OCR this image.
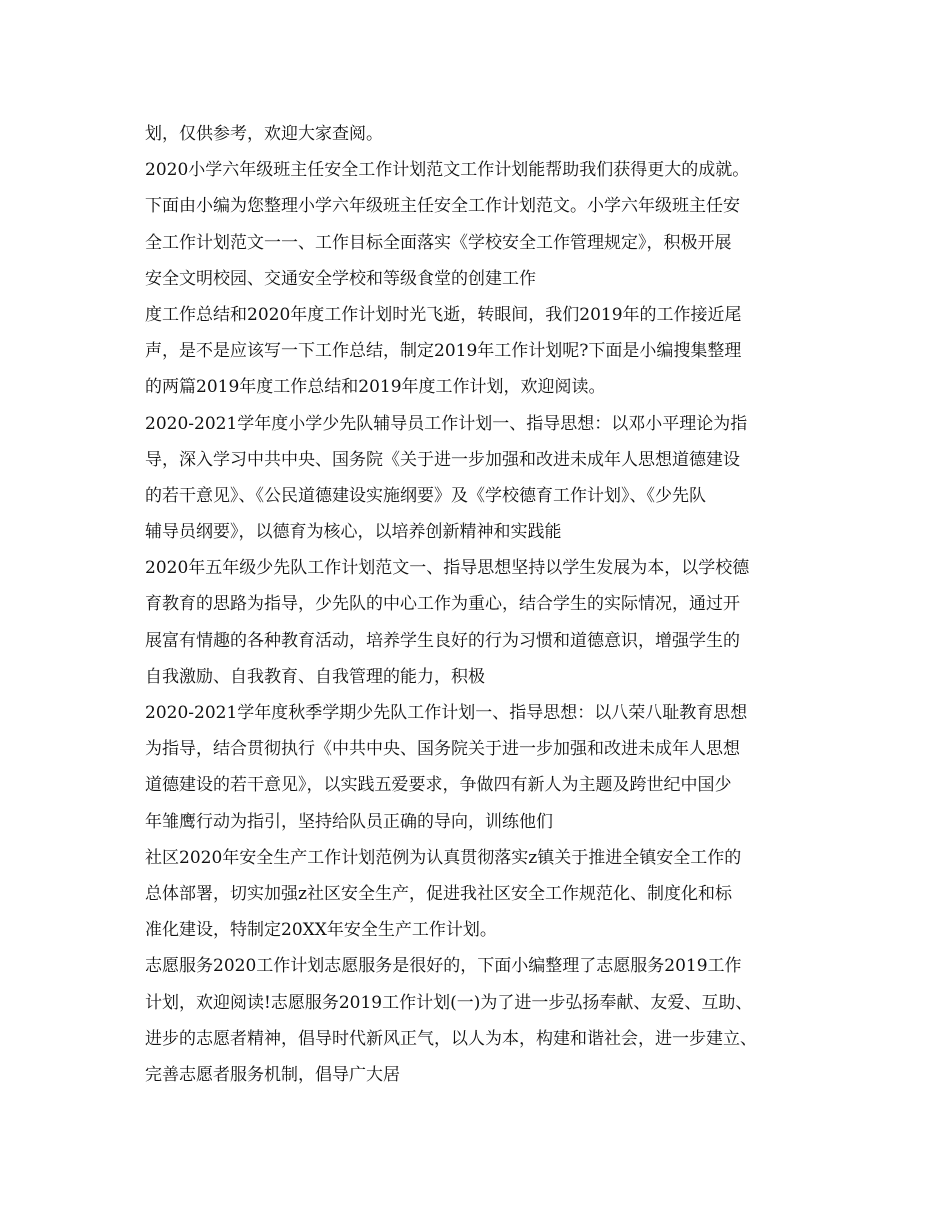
划，仅供参考，欢迎大家查阅。
2020小学六年级班主任安全工作计划范文工作计划能帮助我们获得更大的成就。
下面由小编为您整理小学六年级班主任安全工作计划范文。小学六年级班主任安
全工作计划范文一一、工作目标全面落实《学校安全工作管理规定》，积极开展
安全文明校园、交通安全学校和等级食堂的创建工作
度工作总结和2020年度工作计划时光飞逝，转眼间，我们2019年的工作接近尾
声，是不是应该写一下工作总结，制定2019年工作计划呢?下面是小编搜集整理
的两篇2019年度工作总结和2019年度工作计划，欢迎阅读。
2020-2021学年度小学少先队辅导员工作计划一、指导思想：以邓小平理论为指
导，深入学习中共中央、国务院《关于进一步加强和改进未成年人思想道德建设
的若干意见》、《公民道德建设实施纲要》及《学校德育工作计划》、《少先队
辅导员纲要》，以德育为核心，以培养创新精神和实践能
2020年五年级少先队工作计划范文一、指导思想坚持以学生发展为本，以学校德
育教育的思路为指导，少先队的中心工作为重心，结合学生的实际情况，通过开
展富有情趣的各种教育活动，培养学生良好的行为习惯和道德意识，增强学生的
自我激励、自我教育、自我管理的能力，积极
2020-2021学年度秋季学期少先队工作计划一、指导思想：以八荣八耻教育思想
为指导，结合贯彻执行《中共中央、国务院关于进一步加强和改进未成年人思想
道德建设的若干意见》，以实践五爱要求，争做四有新人为主题及跨世纪中国少
年雏鹰行动为指引，坚持给队员正确的导向，训练他们
社区2020年安全生产工作计划范例为认真贯彻落实z镇关于推进全镇安全工作的
总体部署，切实加强z社区安全生产，促进我社区安全工作规范化、制度化和标
准化建设，特制定20XX年安全生产工作计划。
志愿服务2020工作计划志愿服务是很好的，下面小编整理了志愿服务2019工作
计划，欢迎阅读!志愿服务2019工作计划(一)为了进一步弘扬奉献、友爱、互助、
进步的志愿者精神，倡导时代新风正气，以人为本，构建和谐社会，进一步建立、
完善志愿者服务机制，倡导广大居
